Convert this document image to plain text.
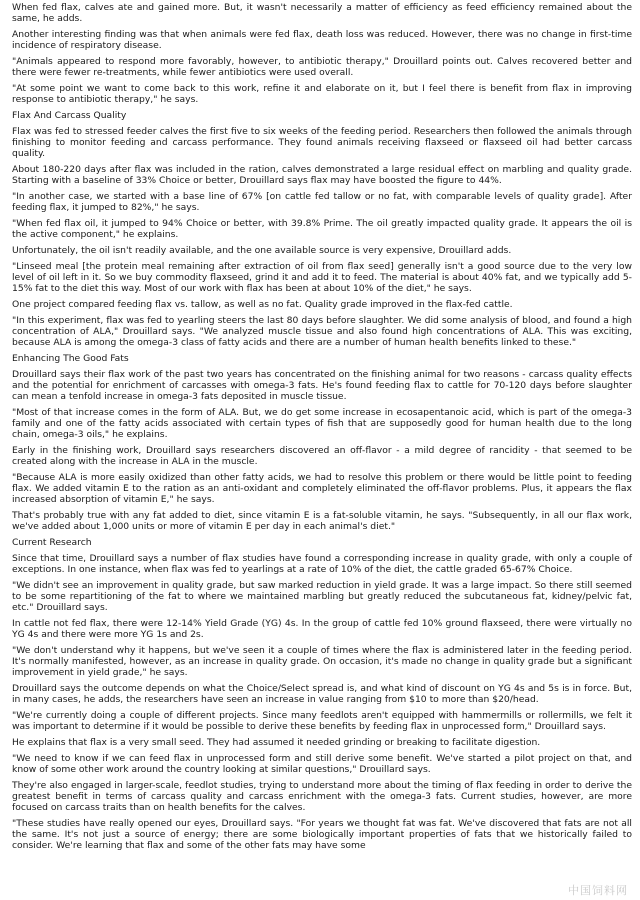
When fed flax, calves ate and gained more. But, it wasn't necessarily a matter of efficiency as feed efficiency remained about the same, he adds.

Another interesting finding was that when animals were fed flax, death loss was reduced. However, there was no change in first-time incidence of respiratory disease.

"Animals appeared to respond more favorably, however, to antibiotic therapy," Drouillard points out. Calves recovered better and there were fewer re-treatments, while fewer antibiotics were used overall.

"At some point we want to come back to this work, refine it and elaborate on it, but I feel there is benefit from flax in improving response to antibiotic therapy," he says.

Flax And Carcass Quality

Flax was fed to stressed feeder calves the first five to six weeks of the feeding period. Researchers then followed the animals through finishing to monitor feeding and carcass performance. They found animals receiving flaxseed or flaxseed oil had better carcass quality.

About 180-220 days after flax was included in the ration, calves demonstrated a large residual effect on marbling and quality grade. Starting with a baseline of 33% Choice or better, Drouillard says flax may have boosted the figure to 44%.

"In another case, we started with a base line of 67% [on cattle fed tallow or no fat, with comparable levels of quality grade]. After feeding flax, it jumped to 82%," he says.

"When fed flax oil, it jumped to 94% Choice or better, with 39.8% Prime. The oil greatly impacted quality grade. It appears the oil is the active component," he explains.

Unfortunately, the oil isn't readily available, and the one available source is very expensive, Drouillard adds.

"Linseed meal [the protein meal remaining after extraction of oil from flax seed] generally isn't a good source due to the very low level of oil left in it. So we buy commodity flaxseed, grind it and add it to feed. The material is about 40% fat, and we typically add 5-15% fat to the diet this way. Most of our work with flax has been at about 10% of the diet," he says.

One project compared feeding flax vs. tallow, as well as no fat. Quality grade improved in the flax-fed cattle.

"In this experiment, flax was fed to yearling steers the last 80 days before slaughter. We did some analysis of blood, and found a high concentration of ALA," Drouillard says. "We analyzed muscle tissue and also found high concentrations of ALA. This was exciting, because ALA is among the omega-3 class of fatty acids and there are a number of human health benefits linked to these."

Enhancing The Good Fats

Drouillard says their flax work of the past two years has concentrated on the finishing animal for two reasons - carcass quality effects and the potential for enrichment of carcasses with omega-3 fats. He's found feeding flax to cattle for 70-120 days before slaughter can mean a tenfold increase in omega-3 fats deposited in muscle tissue.

"Most of that increase comes in the form of ALA. But, we do get some increase in ecosapentanoic acid, which is part of the omega-3 family and one of the fatty acids associated with certain types of fish that are supposedly good for human health due to the long chain, omega-3 oils," he explains.

Early in the finishing work, Drouillard says researchers discovered an off-flavor - a mild degree of rancidity - that seemed to be created along with the increase in ALA in the muscle.

"Because ALA is more easily oxidized than other fatty acids, we had to resolve this problem or there would be little point to feeding flax. We added vitamin E to the ration as an anti-oxidant and completely eliminated the off-flavor problems. Plus, it appears the flax increased absorption of vitamin E," he says.

That's probably true with any fat added to diet, since vitamin E is a fat-soluble vitamin, he says. "Subsequently, in all our flax work, we've added about 1,000 units or more of vitamin E per day in each animal's diet."

Current Research

Since that time, Drouillard says a number of flax studies have found a corresponding increase in quality grade, with only a couple of exceptions. In one instance, when flax was fed to yearlings at a rate of 10% of the diet, the cattle graded 65-67% Choice.

"We didn't see an improvement in quality grade, but saw marked reduction in yield grade. It was a large impact. So there still seemed to be some repartitioning of the fat to where we maintained marbling but greatly reduced the subcutaneous fat, kidney/pelvic fat, etc." Drouillard says.

In cattle not fed flax, there were 12-14% Yield Grade (YG) 4s. In the group of cattle fed 10% ground flaxseed, there were virtually no YG 4s and there were more YG 1s and 2s.

"We don't understand why it happens, but we've seen it a couple of times where the flax is administered later in the feeding period. It's normally manifested, however, as an increase in quality grade. On occasion, it's made no change in quality grade but a significant improvement in yield grade," he says.

Drouillard says the outcome depends on what the Choice/Select spread is, and what kind of discount on YG 4s and 5s is in force. But, in many cases, he adds, the researchers have seen an increase in value ranging from $10 to more than $20/head.

"We're currently doing a couple of different projects. Since many feedlots aren't equipped with hammermills or rollermills, we felt it was important to determine if it would be possible to derive these benefits by feeding flax in unprocessed form," Drouillard says.

He explains that flax is a very small seed. They had assumed it needed grinding or breaking to facilitate digestion.

"We need to know if we can feed flax in unprocessed form and still derive some benefit. We've started a pilot project on that, and know of some other work around the country looking at similar questions," Drouillard says.

They're also engaged in larger-scale, feedlot studies, trying to understand more about the timing of flax feeding in order to derive the greatest benefit in terms of carcass quality and carcass enrichment with the omega-3 fats. Current studies, however, are more focused on carcass traits than on health benefits for the calves.

"These studies have really opened our eyes, Drouillard says. "For years we thought fat was fat. We've discovered that fats are not all the same. It's not just a source of energy; there are some biologically important properties of fats that we historically failed to consider. We're learning that flax and some of the other fats may have some

中国饲料网
